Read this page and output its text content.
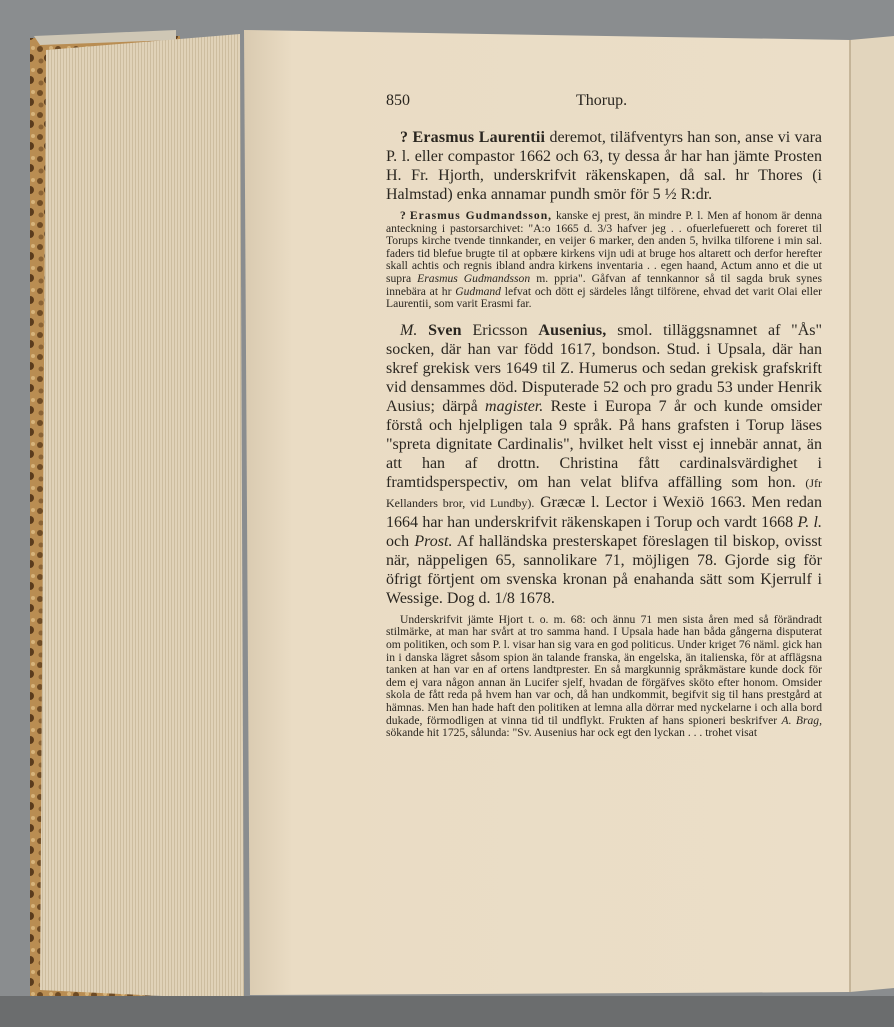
850	Thorup.

? Erasmus Laurentii deremot, tiläfventyrs han son, anse vi vara P. l. eller compastor 1662 och 63, ty dessa år har han jämte Prosten H. Fr. Hjorth, underskrifvit räkenskapen, då sal. hr Thores (i Halmstad) enka annamar pundh smör för 5 ½ R:dr.

? Erasmus Gudmandsson, kanske ej prest, än mindre P. l. Men af honom är denna anteckning i pastorsarchivet: "A:o 1665 d. 3/3 hafver jeg . . ofuerlefuerett och foreret til Torups kirche tvende tinnkander, en veijer 6 marker, den anden 5, hvilka tilforene i min sal. faders tid blefue brugte til at opbære kirkens vijn udi at bruge hos altarett och derfor herefter skall achtis och regnis ibland andra kirkens inventaria . . egen haand, Actum anno et die ut supra Erasmus Gudmandsson m. ppria". Gåfvan af tennkannor så til sagda bruk synes innebära at hr Gudmand lefvat och dött ej särdeles långt tilförene, ehvad det varit Olai eller Laurentii, som varit Erasmi far.

M. Sven Ericsson Ausenius, smol. tilläggsnamnet af "Ås" socken, där han var född 1617, bondson. Stud. i Upsala, där han skref grekisk vers 1649 til Z. Humerus och sedan grekisk grafskrift vid densammes död. Disputerade 52 och pro gradu 53 under Henrik Ausius; därpå magister. Reste i Europa 7 år och kunde omsider förstå och hjelpligen tala 9 språk. På hans grafsten i Torup läses "spreta dignitate Cardinalis", hvilket helt visst ej innebär annat, än att han af drottn. Christina fått cardinalsvärdighet i framtidsperspectiv, om han velat blifva affälling som hon. (Jfr Kellanders bror, vid Lundby). Græcæ l. Lector i Wexiö 1663. Men redan 1664 har han underskrifvit räkenskapen i Torup och vardt 1668 P. l. och Prost. Af halländska presterskapet föreslagen til biskop, ovisst när, näppeligen 65, sannolikare 71, möjligen 78. Gjorde sig för öfrigt förtjent om svenska kronan på enahanda sätt som Kjerrulf i Wessige. Dog d. 1/8 1678.

Underskrifvit jämte Hjort t. o. m. 68: och ännu 71 men sista åren med så förändradt stilmärke, at man har svårt at tro samma hand. I Upsala hade han båda gångerna disputerat om politiken, och som P. l. visar han sig vara en god politicus. Under kriget 76 näml. gick han in i danska lägret såsom spion än talande franska, än engelska, än italienska, för at afflägsna tanken at han var en af ortens landtprester. En så margkunnig språkmästare kunde dock för dem ej vara någon annan än Lucifer sjelf, hvadan de förgäfves sköto efter honom. Omsider skola de fått reda på hvem han var och, då han undkommit, begifvit sig til hans prestgård at hämnas. Men han hade haft den politiken at lemna alla dörrar med nyckelarne i och alla bord dukade, förmodligen at vinna tid til undflykt. Frukten af hans spioneri beskrifver A. Brag, sökande hit 1725, sålunda: "Sv. Ausenius har ock egt den lyckan . . . trohet visat
